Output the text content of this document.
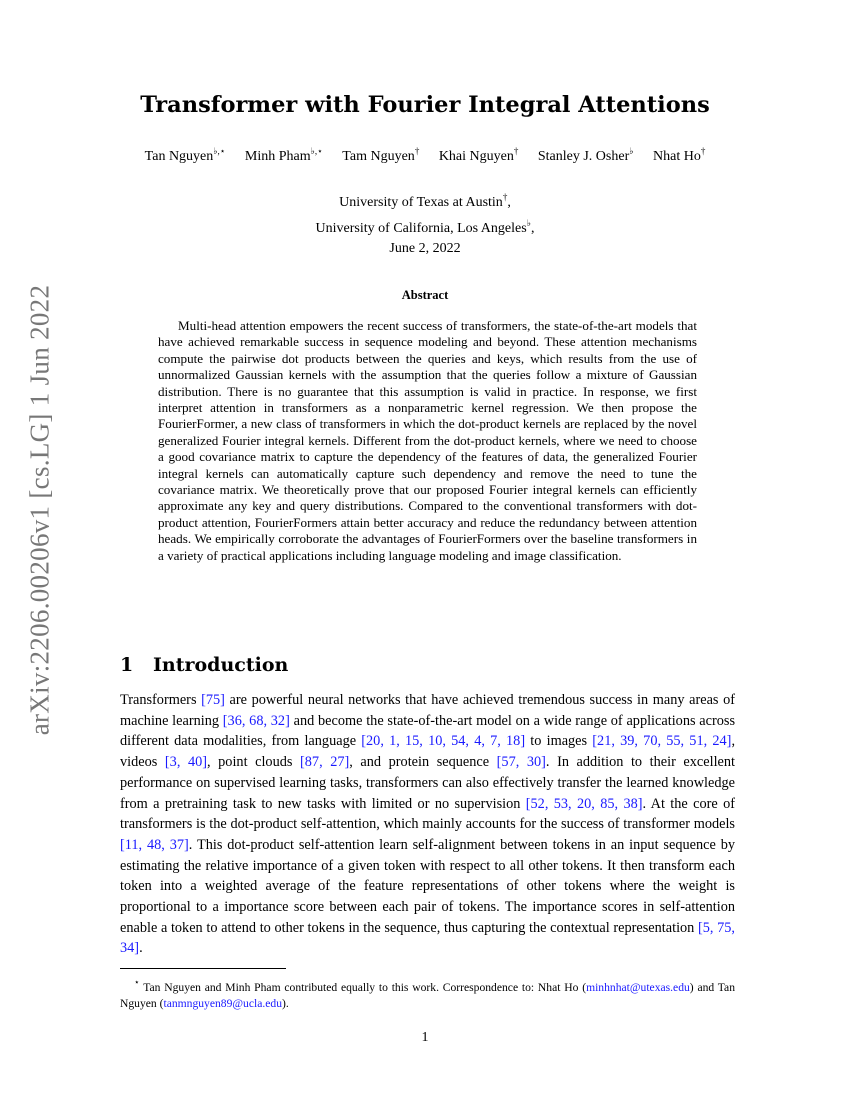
arXiv:2206.00206v1 [cs.LG] 1 Jun 2022
Transformer with Fourier Integral Attentions
Tan Nguyen♭,⋆ Minh Pham♭,⋆ Tam Nguyen† Khai Nguyen† Stanley J. Osher♭ Nhat Ho†
University of Texas at Austin†,
University of California, Los Angeles♭,
June 2, 2022
Abstract

Multi-head attention empowers the recent success of transformers, the state-of-the-art models that have achieved remarkable success in sequence modeling and beyond. These attention mechanisms compute the pairwise dot products between the queries and keys, which results from the use of unnormalized Gaussian kernels with the assumption that the queries follow a mixture of Gaussian distribution. There is no guarantee that this assumption is valid in practice. In response, we first interpret attention in transformers as a nonparametric kernel regression. We then propose the FourierFormer, a new class of transformers in which the dot-product kernels are replaced by the novel generalized Fourier integral kernels. Different from the dot-product kernels, where we need to choose a good covariance matrix to capture the dependency of the features of data, the generalized Fourier integral kernels can automatically capture such dependency and remove the need to tune the covariance matrix. We theoretically prove that our proposed Fourier integral kernels can efficiently approximate any key and query distributions. Compared to the conventional transformers with dot-product attention, FourierFormers attain better accuracy and reduce the redundancy between attention heads. We empirically corroborate the advantages of FourierFormers over the baseline transformers in a variety of practical applications including language modeling and image classification.

1 Introduction

Transformers [75] are powerful neural networks that have achieved tremendous success in many areas of machine learning [36, 68, 32] and become the state-of-the-art model on a wide range of applications across different data modalities, from language [20, 1, 15, 10, 54, 4, 7, 18] to images [21, 39, 70, 55, 51, 24], videos [3, 40], point clouds [87, 27], and protein sequence [57, 30]. In addition to their excellent performance on supervised learning tasks, transformers can also effectively transfer the learned knowledge from a pretraining task to new tasks with limited or no supervision [52, 53, 20, 85, 38]. At the core of transformers is the dot-product self-attention, which mainly accounts for the success of transformer models [11, 48, 37]. This dot-product self-attention learn self-alignment between tokens in an input sequence by estimating the relative importance of a given token with respect to all other tokens. It then transform each token into a weighted average of the feature representations of other tokens where the weight is proportional to a importance score between each pair of tokens. The importance scores in self-attention enable a token to attend to other tokens in the sequence, thus capturing the contextual representation [5, 75, 34].

⋆ Tan Nguyen and Minh Pham contributed equally to this work. Correspondence to: Nhat Ho (minhnhat@utexas.edu) and Tan Nguyen (tanmnguyen89@ucla.edu).

1
